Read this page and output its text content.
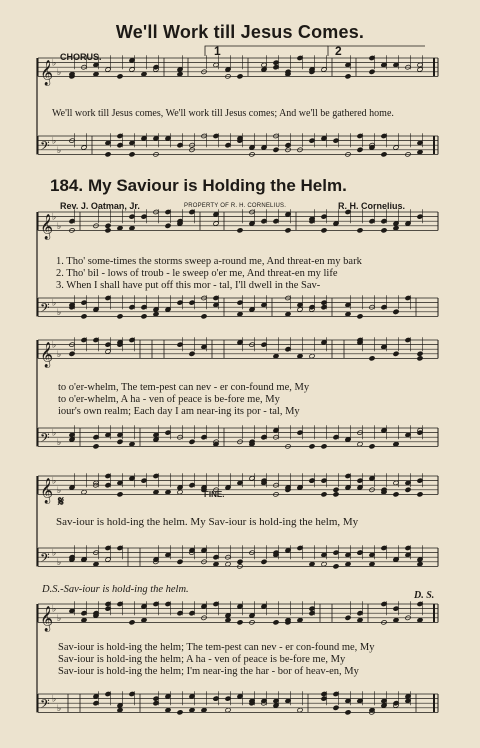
𝄞
♭
♭
𝄢 ♭
♭
𝄞
♭
♭
𝄢 ♭
♭
𝄞
♭
♭
𝄢 ♭
♭
𝄞
♭
♭
𝄢 ♭
♭
𝄞
♭
♭
𝄢 ♭
♭
𝄋
We'll Work till Jesus Comes.
CHORUS.	1	2
We'll work till Jesus comes, We'll work till Jesus comes; And we'll be gathered home.
184. My Saviour is Holding the Helm.
Rev. J. Oatman, Jr.	PROPERTY OF R. H. CORNELIUS.	R. H. Cornelius.
1. Tho' some-times the storms sweep a-round me, And threat-en my bark
2. Tho' bil - lows of troub - le sweep o'er me, And threat-en my life
3. When I shall have put off this mor - tal, I'll dwell in the Sav-
to o'er-whelm, The tem-pest can nev - er con-found me, My
to o'er-whelm, A ha - ven of peace is be-fore me, My
iour's own realm; Each day I am near-ing its por - tal, My
FINE.
Sav-iour is hold-ing the helm. My Sav-iour is hold-ing the helm, My
D.S.-Sav-iour is hold-ing the helm.
D. S.
Sav-iour is hold-ing the helm; The tem-pest can nev - er con-found me, My
Sav-iour is hold-ing the helm; A ha - ven of peace is be-fore me, My
Sav-iour is hold-ing the helm; I'm near-ing the har - bor of heav-en, My
